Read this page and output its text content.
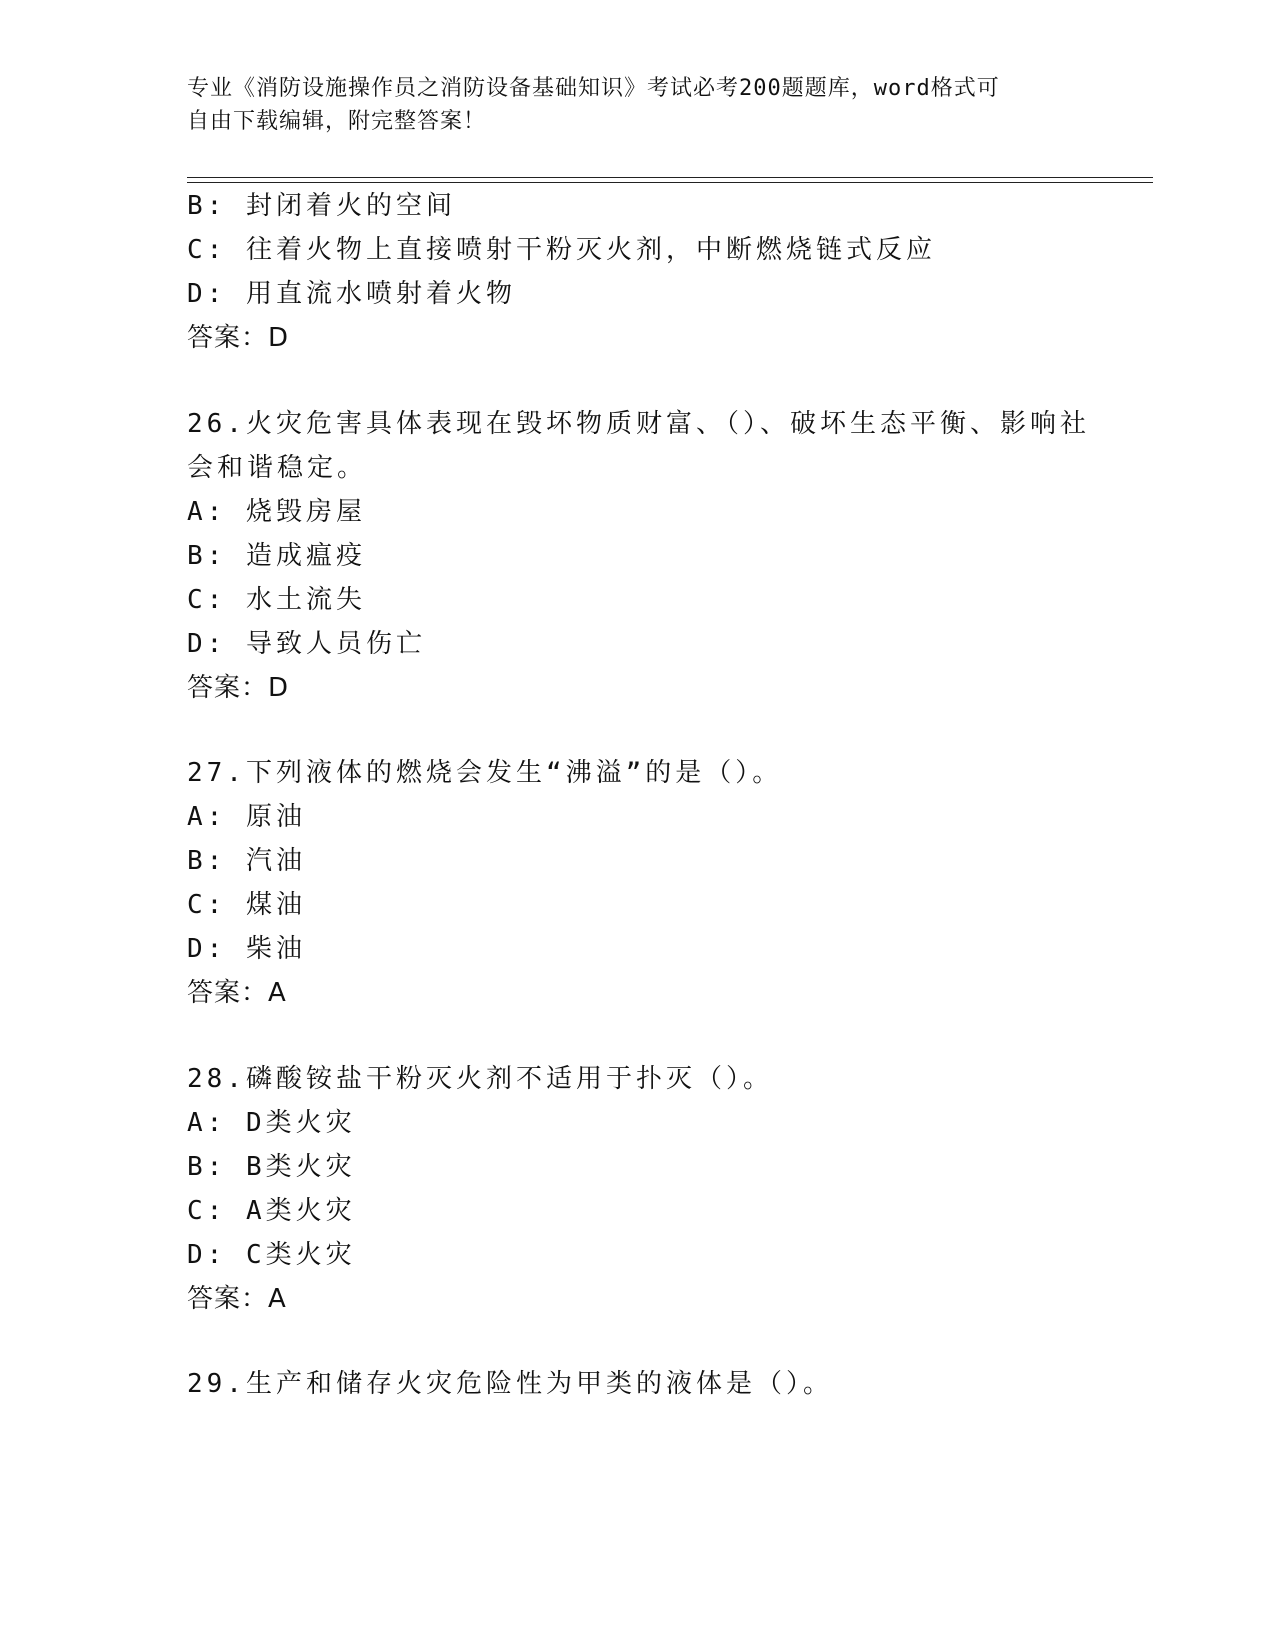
专业《消防设施操作员之消防设备基础知识》考试必考200题题库，word格式可
自由下载编辑，附完整答案！
B: 封闭着火的空间
C: 往着火物上直接喷射干粉灭火剂，中断燃烧链式反应
D: 用直流水喷射着火物
答案：D
26.火灾危害具体表现在毁坏物质财富、（）、破坏生态平衡、影响社
会和谐稳定。
A: 烧毁房屋
B: 造成瘟疫
C: 水土流失
D: 导致人员伤亡
答案：D
27.下列液体的燃烧会发生“沸溢”的是（）。
A: 原油
B: 汽油
C: 煤油
D: 柴油
答案：A
28.磷酸铵盐干粉灭火剂不适用于扑灭（）。
A: D类火灾
B: B类火灾
C: A类火灾
D: C类火灾
答案：A
29.生产和储存火灾危险性为甲类的液体是（）。
